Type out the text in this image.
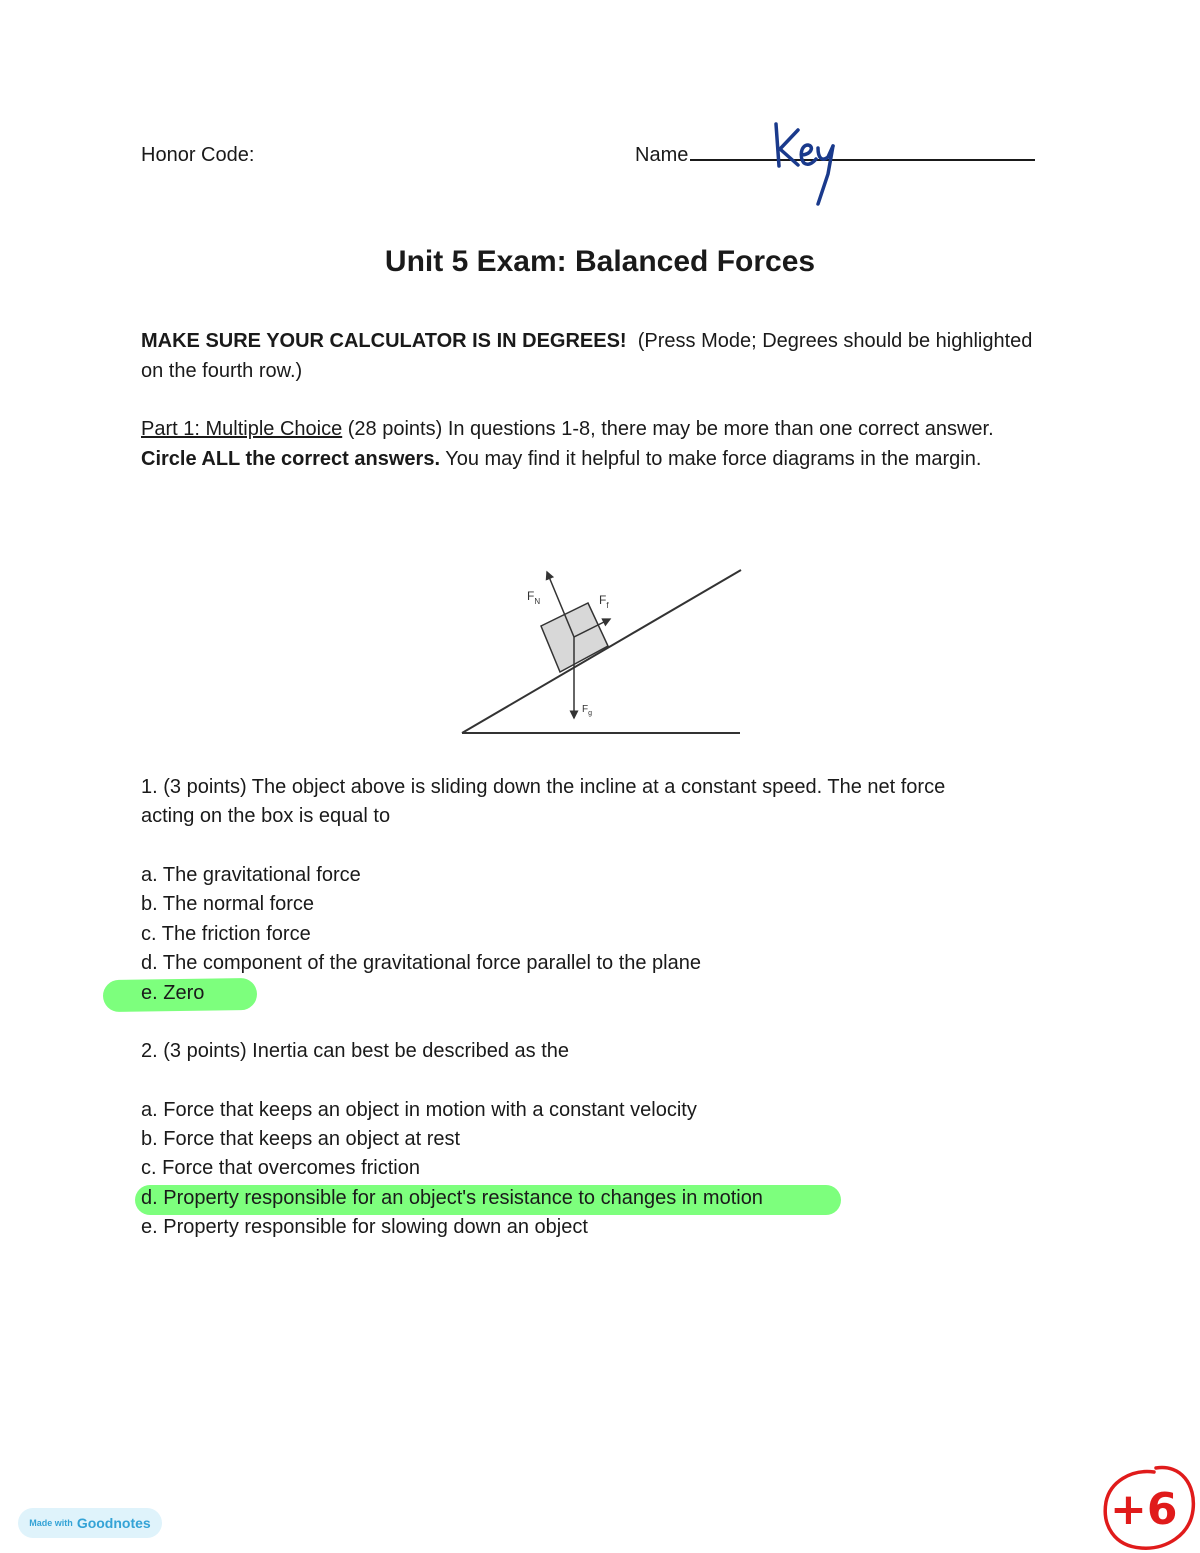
Honor Code:	Name
Unit 5 Exam: Balanced Forces
MAKE SURE YOUR CALCULATOR IS IN DEGREES! (Press Mode; Degrees should be highlighted on the fourth row.)
Part 1: Multiple Choice (28 points) In questions 1-8, there may be more than one correct answer. Circle ALL the correct answers. You may find it helpful to make force diagrams in the margin.
$F_N$	$F_f$
$F_g$
1. (3 points) The object above is sliding down the incline at a constant speed. The net force
acting on the box is equal to
a. The gravitational force
b. The normal force
c. The friction force
d. The component of the gravitational force parallel to the plane
e. Zero
2. (3 points) Inertia can best be described as the
a. Force that keeps an object in motion with a constant velocity
b. Force that keeps an object at rest
c. Force that overcomes friction
d. Property responsible for an object's resistance to changes in motion
e. Property responsible for slowing down an object
Made with Goodnotes	+6
